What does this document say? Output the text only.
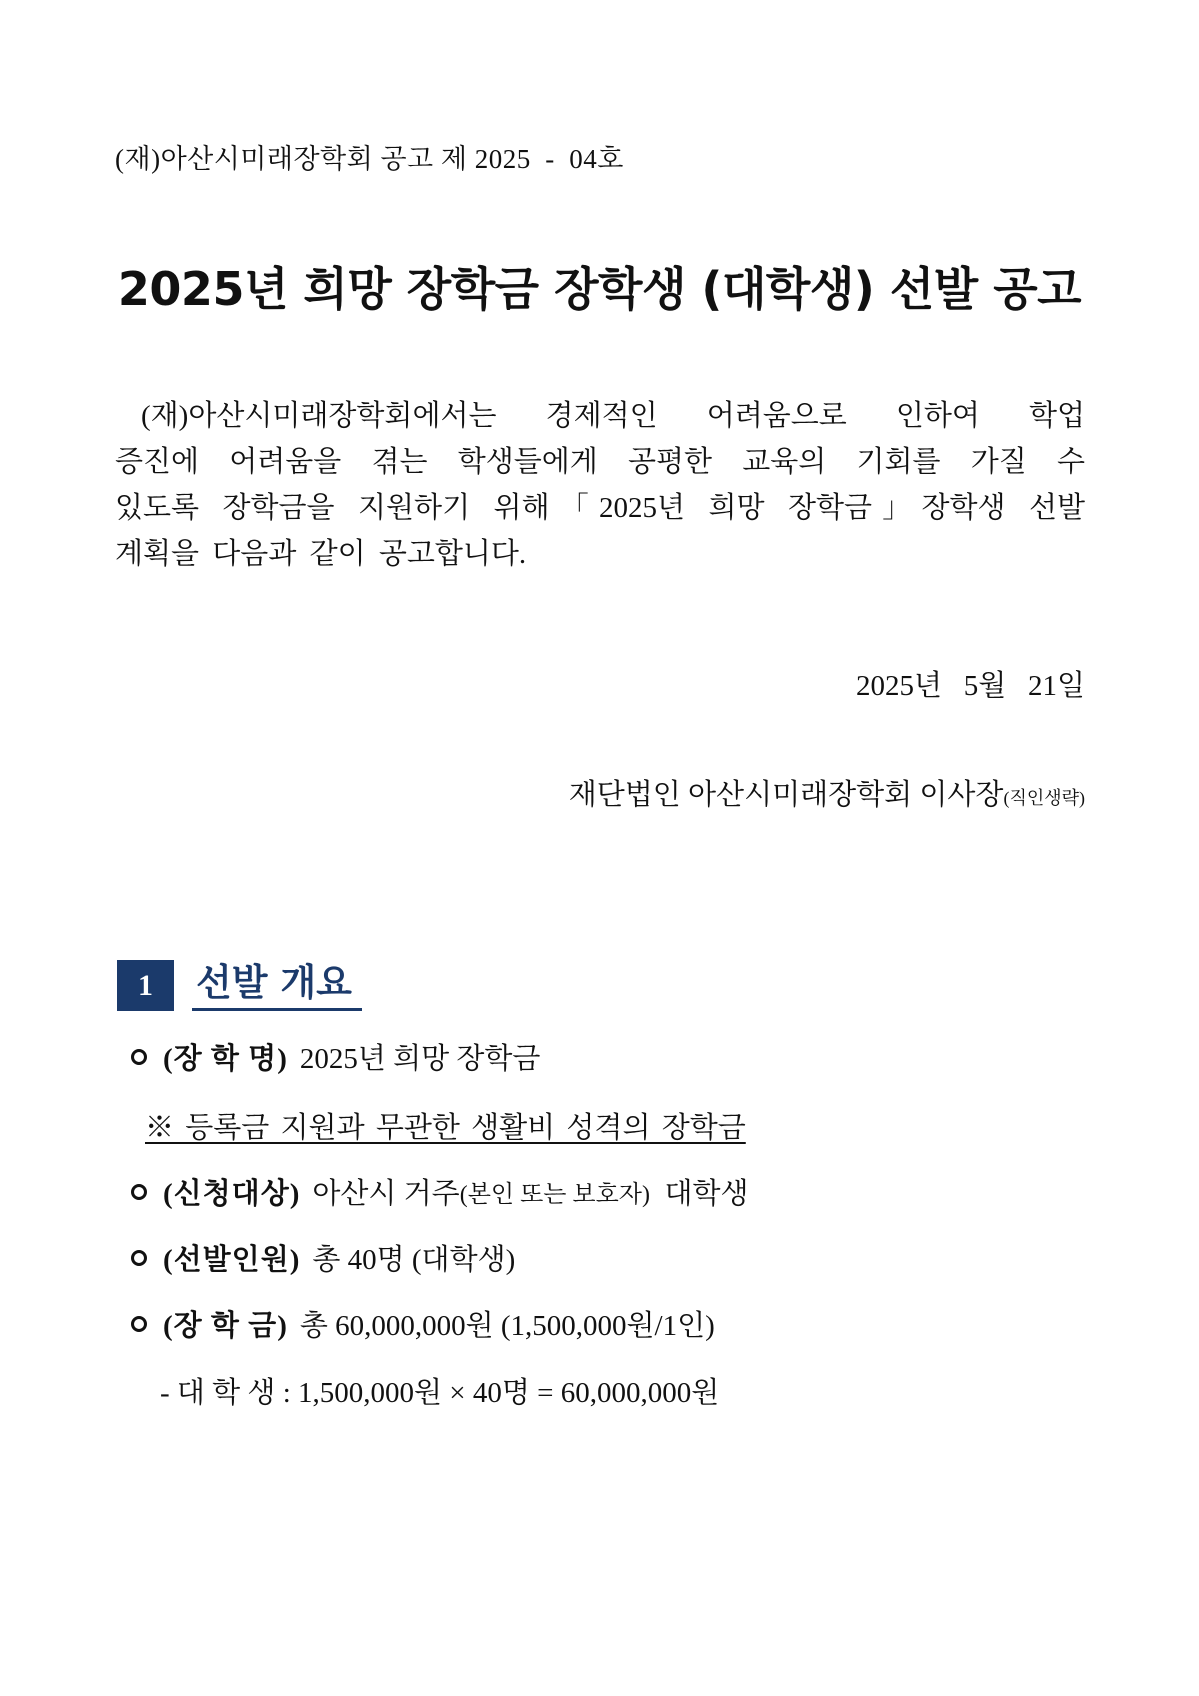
(재)아산시미래장학회 공고 제 2025  -  04호
2025년 희망 장학금 장학생 (대학생) 선발 공고

(재)아산시미래장학회에서는 경제적인 어려움으로 인하여 학업

증진에 어려움을 겪는 학생들에게 공평한 교육의 기회를 가질 수

있도록 장학금을 지원하기 위해「2025년 희망 장학금」장학생 선발

계획을 다음과 같이 공고합니다.

2025년   5월   21일
재단법인 아산시미래장학회 이사장(직인생략)
1	선발 개요
(장 학 명) 2025년 희망 장학금
※ 등록금 지원과 무관한 생활비 성격의 장학금
(신청대상) 아산시 거주 (본인 또는 보호자)
대학생
(선발인원) 총 40명 (대학생)
(장 학 금) 총 60,000,000원 (1,500,000원/1인)
- 대 학 생 : 1,500,000원 × 40명 = 60,000,000원
